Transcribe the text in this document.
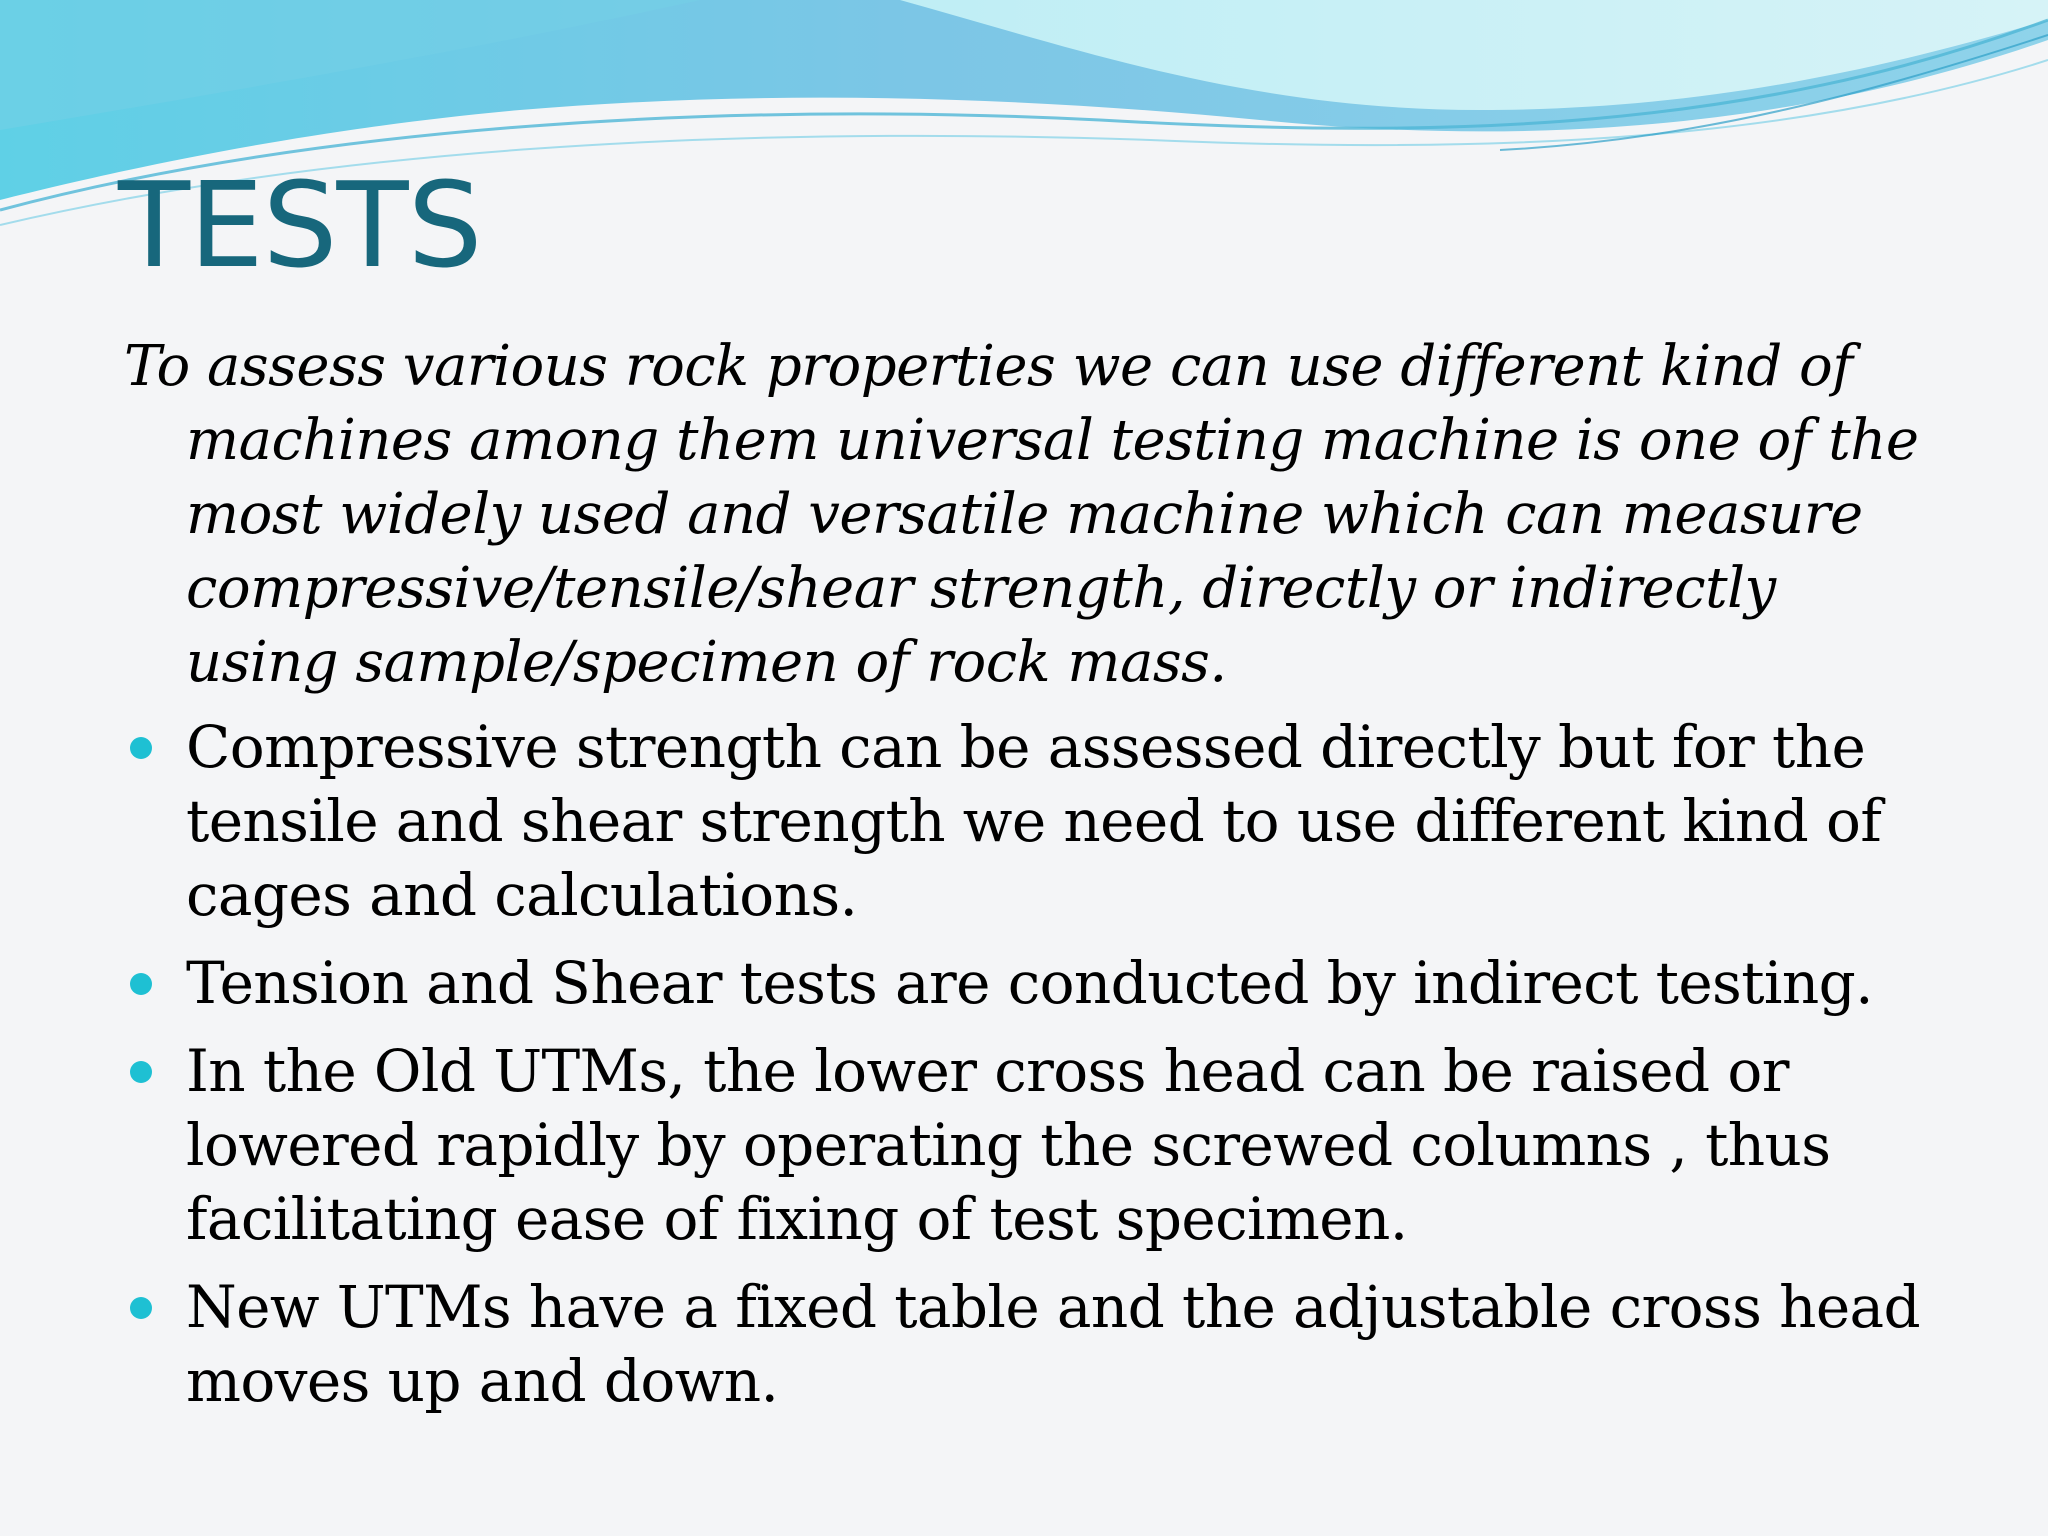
TESTS

To assess various rock properties we can use different kind of machines among them universal testing machine is one of the most widely used and versatile machine which can measure compressive/tensile/shear strength, directly or indirectly using sample/specimen of rock mass.

Compressive strength can be assessed directly but for the tensile and shear strength we need to use different kind of cages and calculations.
Tension and Shear tests are conducted by indirect testing.
In the Old UTMs, the lower cross head can be raised or lowered rapidly by operating the screwed columns , thus facilitating ease of fixing of test specimen.
New UTMs have a fixed table and the adjustable cross head moves up and down.
